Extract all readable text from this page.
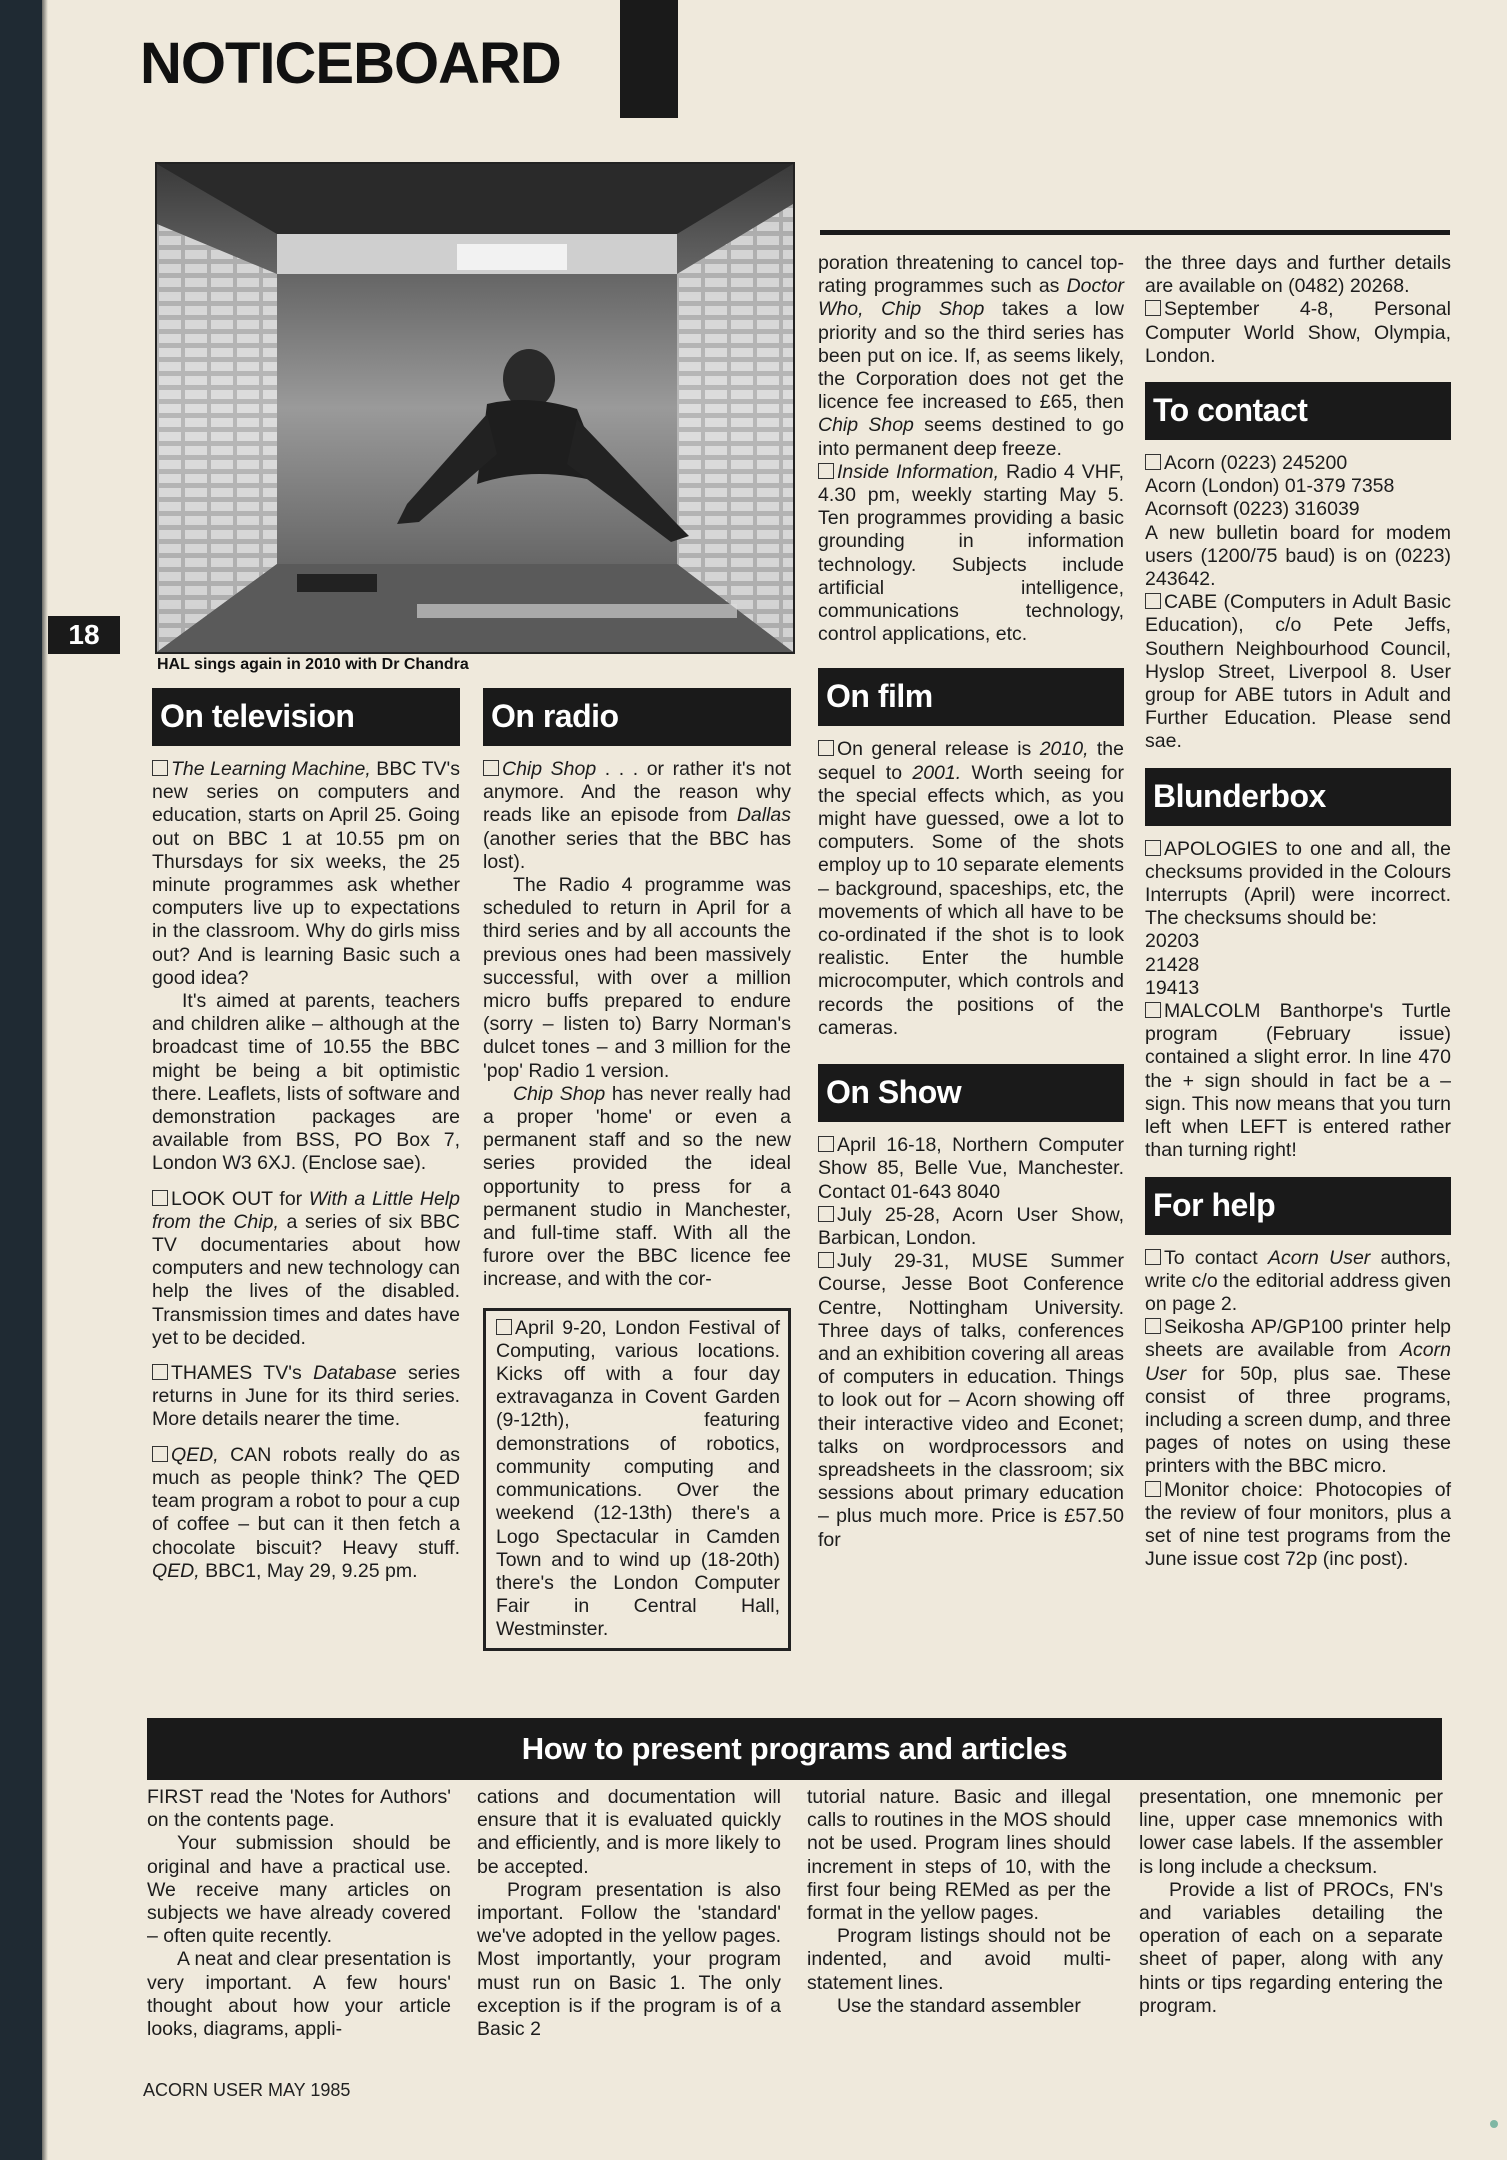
NOTICEBOARD
18

HAL sings again in 2010 with Dr Chandra

On television

The Learning Machine, BBC TV's new series on computers and education, starts on April 25. Going out on BBC 1 at 10.55 pm on Thursdays for six weeks, the 25 minute programmes ask whether computers live up to expectations in the classroom. Why do girls miss out? And is learning Basic such a good idea?

It's aimed at parents, teachers and children alike – although at the broadcast time of 10.55 the BBC might be being a bit optimistic there. Leaflets, lists of software and demonstration packages are available from BSS, PO Box 7, London W3 6XJ. (Enclose sae).

LOOK OUT for With a Little Help from the Chip, a series of six BBC TV documentaries about how computers and new technology can help the lives of the disabled. Transmission times and dates have yet to be decided.

THAMES TV's Database series returns in June for its third series. More details nearer the time.

QED, CAN robots really do as much as people think? The QED team program a robot to pour a cup of coffee – but can it then fetch a chocolate biscuit? Heavy stuff. QED, BBC1, May 29, 9.25 pm.

On radio

Chip Shop . . . or rather it's not anymore. And the reason why reads like an episode from Dallas (another series that the BBC has lost).

The Radio 4 programme was scheduled to return in April for a third series and by all accounts the previous ones had been massively successful, with over a million micro buffs prepared to endure (sorry – listen to) Barry Norman's dulcet tones – and 3 million for the 'pop' Radio 1 version.

Chip Shop has never really had a proper 'home' or even a permanent staff and so the new series provided the ideal opportunity to press for a permanent studio in Manchester, and full-time staff. With all the furore over the BBC licence fee increase, and with the cor-

April 9-20, London Festival of Computing, various locations. Kicks off with a four day extravaganza in Covent Garden (9-12th), featuring demonstrations of robotics, community computing and communications. Over the weekend (12-13th) there's a Logo Spectacular in Camden Town and to wind up (18-20th) there's the London Computer Fair in Central Hall, Westminster.

poration threatening to cancel top-rating programmes such as Doctor Who, Chip Shop takes a low priority and so the third series has been put on ice. If, as seems likely, the Corporation does not get the licence fee increased to £65, then Chip Shop seems destined to go into permanent deep freeze.

Inside Information, Radio 4 VHF, 4.30 pm, weekly starting May 5. Ten programmes providing a basic grounding in information technology. Subjects include artificial intelligence, communications technology, control applications, etc.

On film

On general release is 2010, the sequel to 2001. Worth seeing for the special effects which, as you might have guessed, owe a lot to computers. Some of the shots employ up to 10 separate elements – background, spaceships, etc, the movements of which all have to be co-ordinated if the shot is to look realistic. Enter the humble microcomputer, which controls and records the positions of the cameras.

On Show

April 16-18, Northern Computer Show 85, Belle Vue, Manchester. Contact 01-643 8040

July 25-28, Acorn User Show, Barbican, London.

July 29-31, MUSE Summer Course, Jesse Boot Conference Centre, Nottingham University. Three days of talks, conferences and an exhibition covering all areas of computers in education. Things to look out for – Acorn showing off their interactive video and Econet; talks on wordprocessors and spreadsheets in the classroom; six sessions about primary education – plus much more. Price is £57.50 for

the three days and further details are available on (0482) 20268.

September 4-8, Personal Computer World Show, Olympia, London.

To contact

Acorn (0223) 245200

Acorn (London) 01-379 7358

Acornsoft (0223) 316039

A new bulletin board for modem users (1200/75 baud) is on (0223) 243642.

CABE (Computers in Adult Basic Education), c/o Pete Jeffs, Southern Neighbourhood Council, Hyslop Street, Liverpool 8. User group for ABE tutors in Adult and Further Education. Please send sae.

Blunderbox

APOLOGIES to one and all, the checksums provided in the Colours Interrupts (April) were incorrect. The checksums should be:

20203

21428

19413

MALCOLM Banthorpe's Turtle program (February issue) contained a slight error. In line 470 the + sign should in fact be a – sign. This now means that you turn left when LEFT is entered rather than turning right!

For help

To contact Acorn User authors, write c/o the editorial address given on page 2.

Seikosha AP/GP100 printer help sheets are available from Acorn User for 50p, plus sae. These consist of three programs, including a screen dump, and three pages of notes on using these printers with the BBC micro.

Monitor choice: Photocopies of the review of four monitors, plus a set of nine test programs from the June issue cost 72p (inc post).

How to present programs and articles

FIRST read the 'Notes for Authors' on the contents page.

Your submission should be original and have a practical use. We receive many articles on subjects we have already covered – often quite recently.

A neat and clear presentation is very important. A few hours' thought about how your article looks, diagrams, appli-

cations and documentation will ensure that it is evaluated quickly and efficiently, and is more likely to be accepted.

Program presentation is also important. Follow the 'standard' we've adopted in the yellow pages. Most importantly, your program must run on Basic 1. The only exception is if the program is of a Basic 2

tutorial nature. Basic and illegal calls to routines in the MOS should not be used. Program lines should increment in steps of 10, with the first four being REMed as per the format in the yellow pages.

Program listings should not be indented, and avoid multi-statement lines.

Use the standard assembler

presentation, one mnemonic per line, upper case mnemonics with lower case labels. If the assembler is long include a checksum.

Provide a list of PROCs, FN's and variables detailing the operation of each on a separate sheet of paper, along with any hints or tips regarding entering the program.

ACORN USER MAY 1985
